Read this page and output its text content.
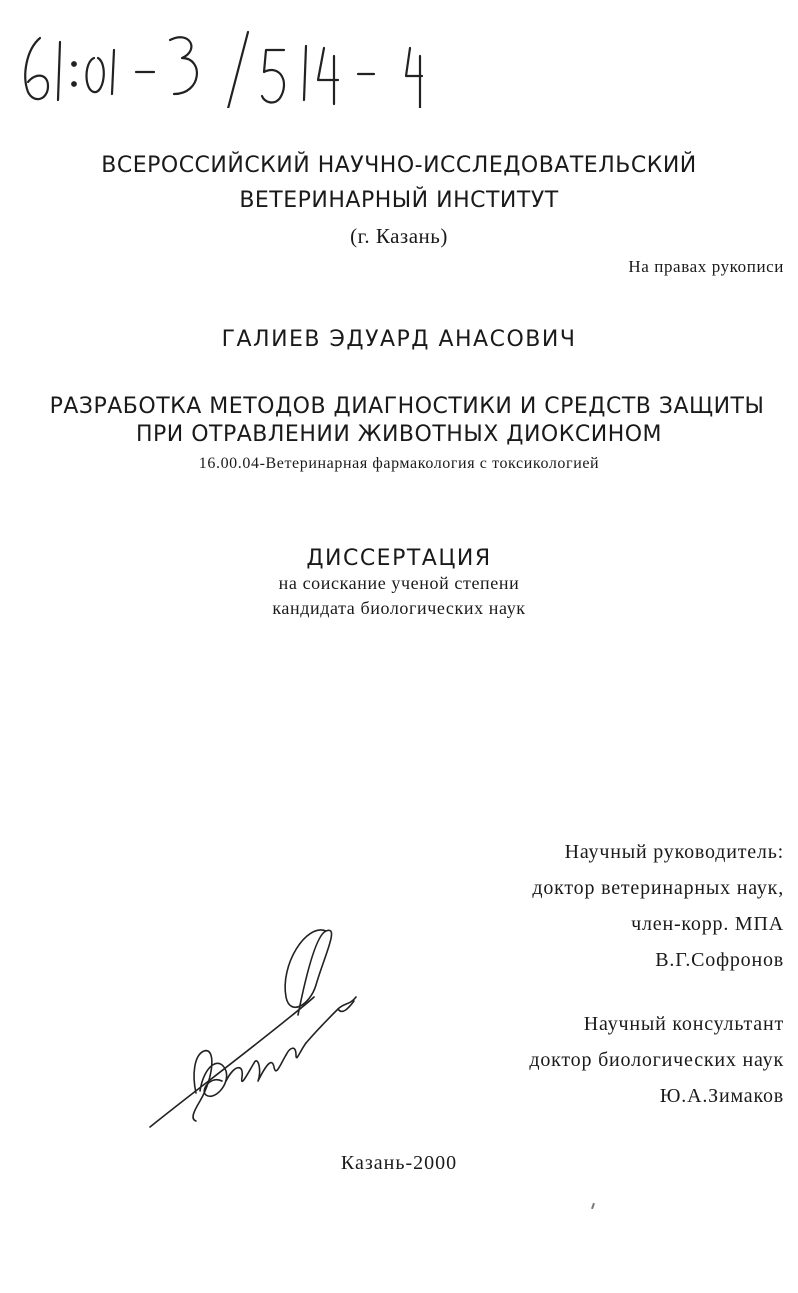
ВСЕРОССИЙСКИЙ НАУЧНО-ИССЛЕДОВАТЕЛЬСКИЙ
ВЕТЕРИНАРНЫЙ ИНСТИТУТ
(г. Казань)
На правах рукописи
ГАЛИЕВ ЭДУАРД АНАСОВИЧ
РАЗРАБОТКА МЕТОДОВ ДИАГНОСТИКИ И СРЕДСТВ ЗАЩИТЫ
ПРИ ОТРАВЛЕНИИ ЖИВОТНЫХ ДИОКСИНОМ
16.00.04-Ветеринарная фармакология с токсикологией
ДИССЕРТАЦИЯ
на соискание ученой степени
кандидата биологических наук
Научный руководитель:
доктор ветеринарных наук,
член-корр. МПА
В.Г.Софронов
Научный консультант
доктор биологических наук
Ю.А.Зимаков
Казань-2000
